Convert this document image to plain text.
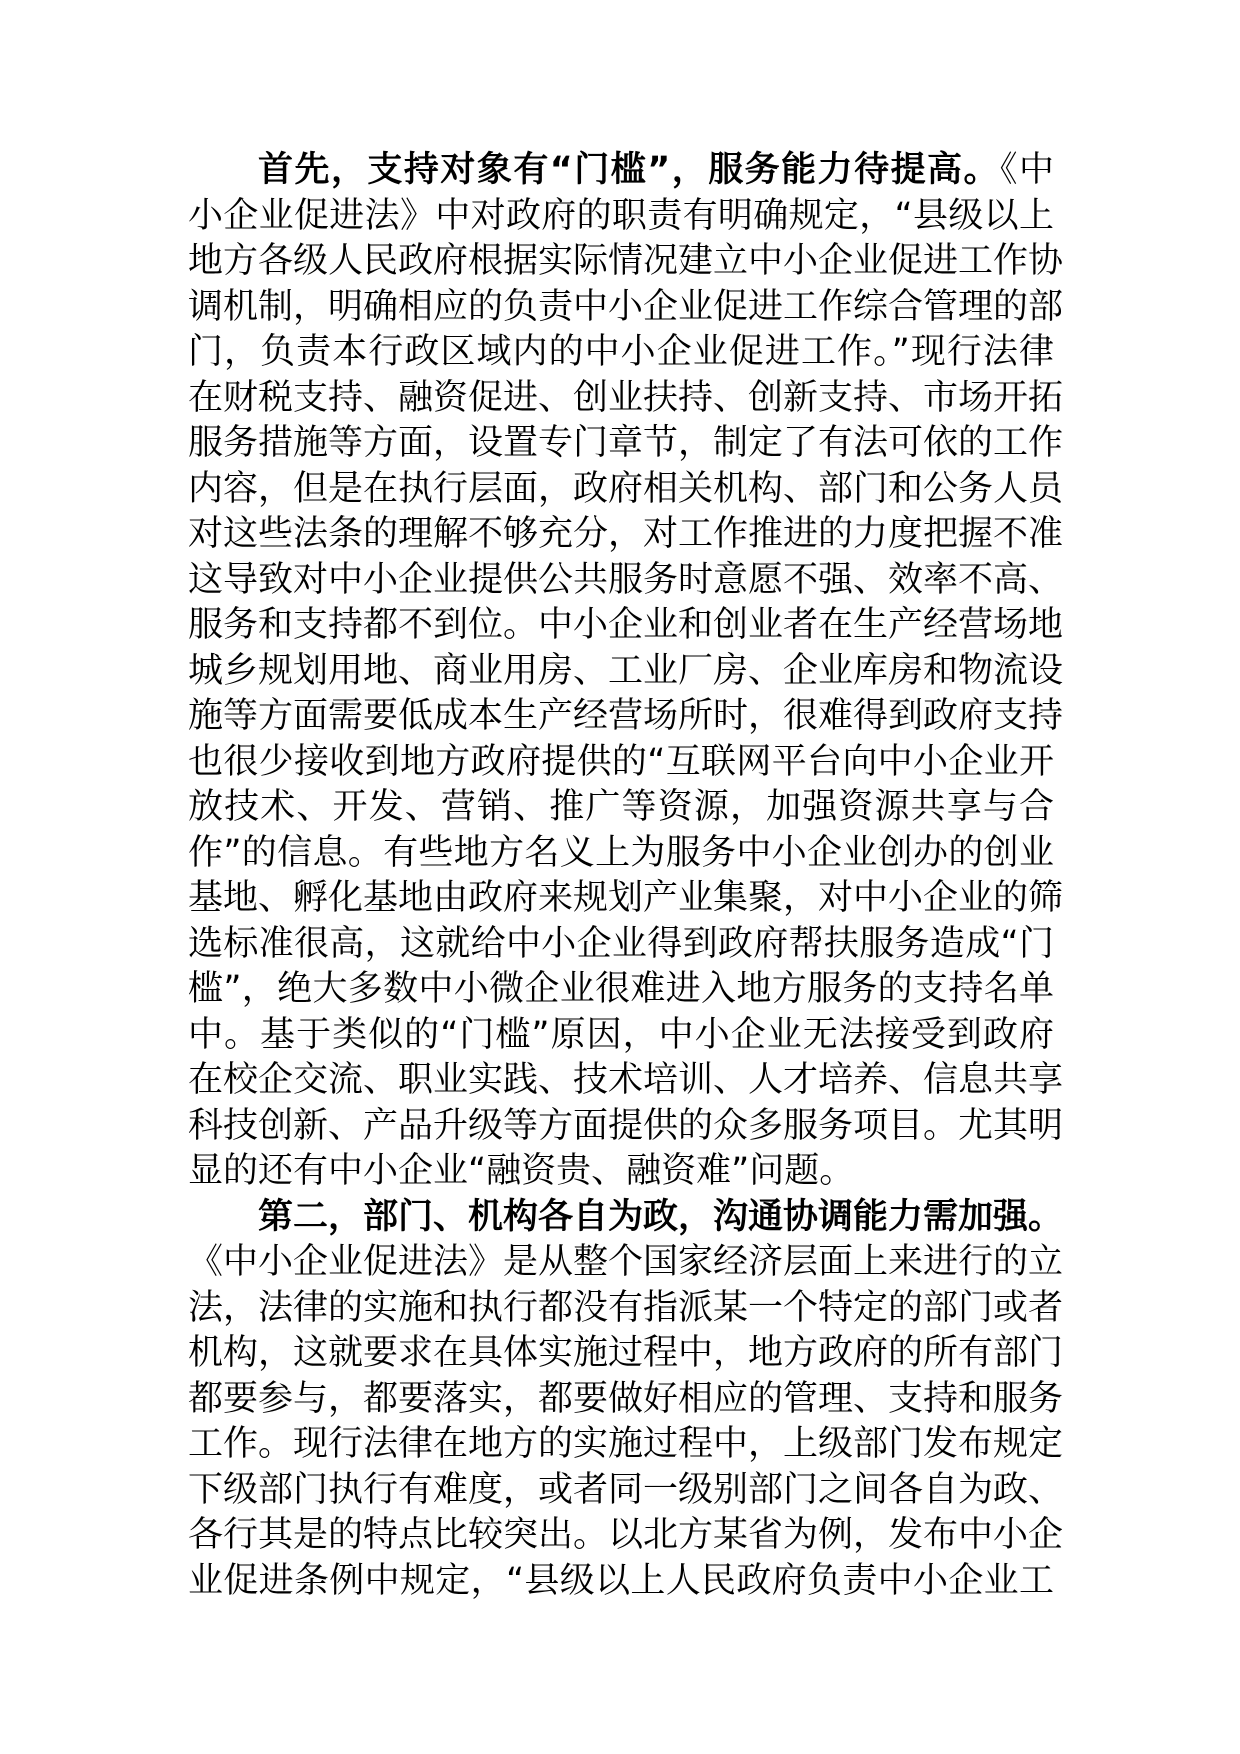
首先，支持对象有“门槛”，服务能力待提高。《中
小企业促进法》中对政府的职责有明确规定，“县级以上
地方各级人民政府根据实际情况建立中小企业促进工作协
调机制，明确相应的负责中小企业促进工作综合管理的部
门，负责本行政区域内的中小企业促进工作。”现行法律
在财税支持、融资促进、创业扶持、创新支持、市场开拓
服务措施等方面，设置专门章节，制定了有法可依的工作
内容，但是在执行层面，政府相关机构、部门和公务人员
对这些法条的理解不够充分，对工作推进的力度把握不准
这导致对中小企业提供公共服务时意愿不强、效率不高、
服务和支持都不到位。中小企业和创业者在生产经营场地
城乡规划用地、商业用房、工业厂房、企业库房和物流设
施等方面需要低成本生产经营场所时，很难得到政府支持
也很少接收到地方政府提供的“互联网平台向中小企业开
放技术、开发、营销、推广等资源，加强资源共享与合
作”的信息。有些地方名义上为服务中小企业创办的创业
基地、孵化基地由政府来规划产业集聚，对中小企业的筛
选标准很高，这就给中小企业得到政府帮扶服务造成“门
槛”，绝大多数中小微企业很难进入地方服务的支持名单
中。基于类似的“门槛”原因，中小企业无法接受到政府
在校企交流、职业实践、技术培训、人才培养、信息共享
科技创新、产品升级等方面提供的众多服务项目。尤其明
显的还有中小企业“融资贵、融资难”问题。
第二，部门、机构各自为政，沟通协调能力需加强。
《中小企业促进法》是从整个国家经济层面上来进行的立
法，法律的实施和执行都没有指派某一个特定的部门或者
机构，这就要求在具体实施过程中，地方政府的所有部门
都要参与，都要落实，都要做好相应的管理、支持和服务
工作。现行法律在地方的实施过程中，上级部门发布规定
下级部门执行有难度，或者同一级别部门之间各自为政、
各行其是的特点比较突出。以北方某省为例，发布中小企
业促进条例中规定，“县级以上人民政府负责中小企业工
